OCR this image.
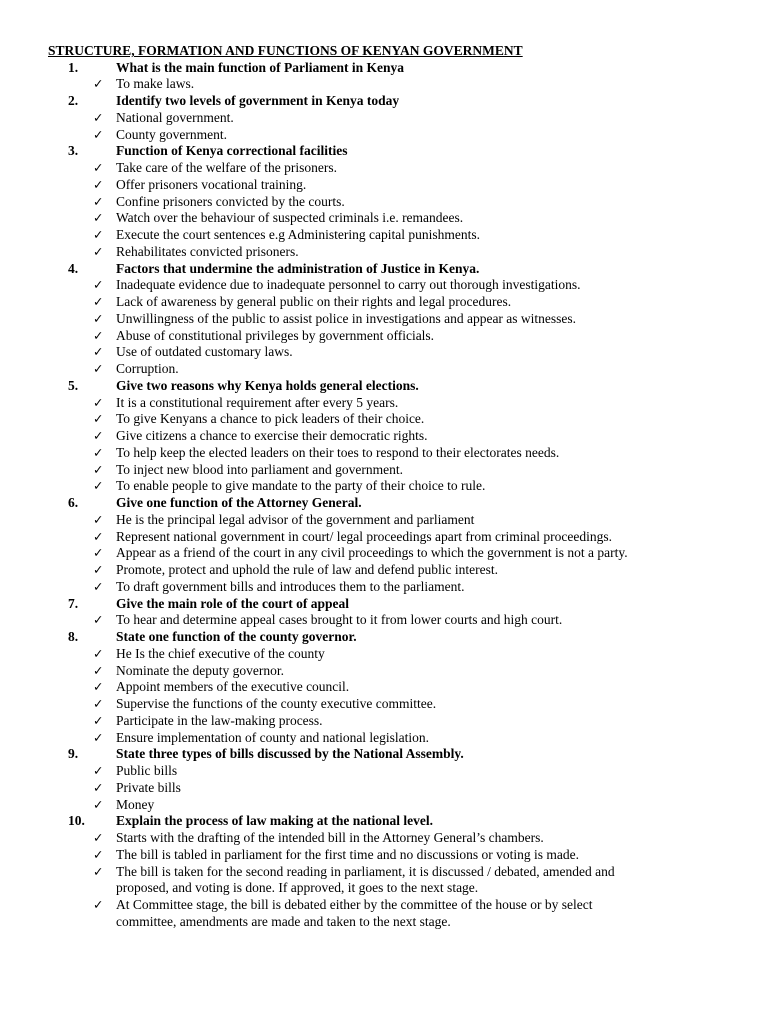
STRUCTURE, FORMATION AND FUNCTIONS OF KENYAN GOVERNMENT
1.	What is the main function of Parliament in Kenya
✓ To make laws.
2.	Identify two levels of government in Kenya today
✓ National government.
✓ County government.
3.	Function of Kenya correctional facilities
✓ Take care of the welfare of the prisoners.
✓ Offer prisoners vocational training.
✓ Confine prisoners convicted by the courts.
✓ Watch over the behaviour of suspected criminals i.e. remandees.
✓ Execute the court sentences e.g Administering capital punishments.
✓ Rehabilitates convicted prisoners.
4.	Factors that undermine the administration of Justice in Kenya.
✓ Inadequate evidence due to inadequate personnel to carry out thorough investigations.
✓ Lack of awareness by general public on their rights and legal procedures.
✓ Unwillingness of the public to assist police in investigations and appear as witnesses.
✓ Abuse of constitutional privileges by government officials.
✓ Use of outdated customary laws.
✓ Corruption.
5.	Give two reasons why Kenya holds general elections.
✓ It is a constitutional requirement after every 5 years.
✓ To give Kenyans a chance to pick leaders of their choice.
✓ Give citizens a chance to exercise their democratic rights.
✓ To help keep the elected leaders on their toes to respond to their electorates needs.
✓ To inject new blood into parliament and government.
✓ To enable people to give mandate to the party of their choice to rule.
6.	Give one function of the Attorney General.
✓ He is the principal legal advisor of the government and parliament
✓ Represent national government in court/ legal proceedings apart from criminal proceedings.
✓ Appear as a friend of the court in any civil proceedings to which the government is not a party.
✓ Promote, protect and uphold the rule of law and defend public interest.
✓ To draft government bills and introduces them to the parliament.
7.	Give the main role of the court of appeal
✓ To hear and determine appeal cases brought to it from lower courts and high court.
8.	State one function of the county governor.
✓ He Is the chief executive of the county
✓ Nominate the deputy governor.
✓ Appoint members of the executive council.
✓ Supervise the functions of the county executive committee.
✓ Participate in the law-making process.
✓ Ensure implementation of county and national legislation.
9.	State three types of bills discussed by the National Assembly.
✓ Public bills
✓ Private bills
✓ Money
10. Explain the process of law making at the national level.
✓ Starts with the drafting of the intended bill in the Attorney General’s chambers.
✓ The bill is tabled in parliament for the first time and no discussions or voting is made.
✓ The bill is taken for the second reading in parliament, it is discussed / debated, amended and
proposed, and voting is done. If approved, it goes to the next stage.
✓ At Committee stage, the bill is debated either by the committee of the house or by select
committee, amendments are made and taken to the next stage.
